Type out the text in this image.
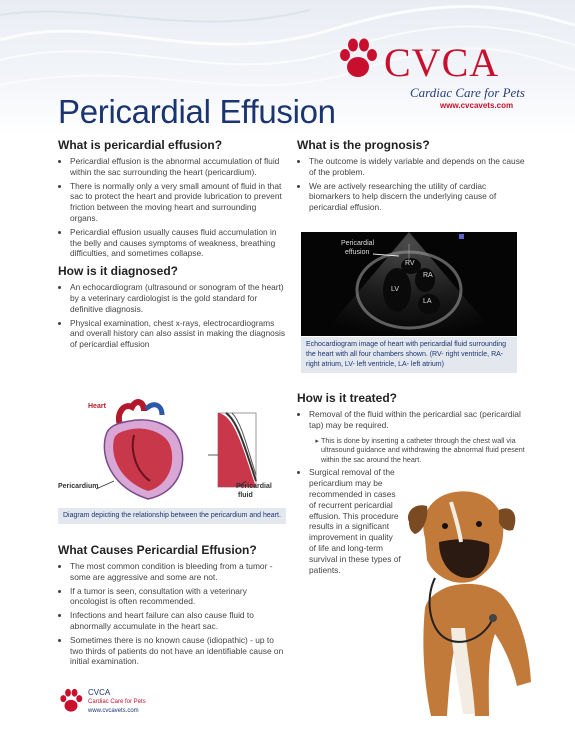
CVCA
Cardiac Care for Pets
www.cvcavets.com
Pericardial Effusion
What is pericardial effusion?
• Pericardial effusion is the abnormal accumulation of fluid within the sac surrounding the heart (pericardium).
• There is normally only a very small amount of fluid in that sac to protect the heart and provide lubrication to prevent friction between the moving heart and surrounding organs.
• Pericardial effusion usually causes fluid accumulation in the belly and causes symptoms of weakness, breathing difficulties, and sometimes collapse.
How is it diagnosed?
• An echocardiogram (ultrasound or sonogram of the heart) by a veterinary cardiologist is the gold standard for definitive diagnosis.
• Physical examination, chest x-rays, electrocardiograms and overall history can also assist in making the diagnosis of pericardial effusion
Heart
Pericardium	Pericardial
fluid
Diagram depicting the relationship between the pericardium and heart.
What Causes Pericardial Effusion?
• The most common condition is bleeding from a tumor - some are aggressive and some are not.
• If a tumor is seen, consultation with a veterinary oncologist is often recommended.
• Infections and heart failure can also cause fluid to abnormally accumulate in the heart sac.
• Sometimes there is no known cause (idiopathic) - up to two thirds of patients do not have an identifiable cause on initial examination.
What is the prognosis?
• The outcome is widely variable and depends on the cause of the problem.
• We are actively researching the utility of cardiac biomarkers to help discern the underlying cause of pericardial effusion.
Pericardial
effusion
RV
RA
LV
LA
Echocardiogram image of heart with pericardial fluid surrounding the heart with all four chambers shown. (RV- right ventricle, RA- right atrium, LV- left ventricle, LA- left atrium)
How is it treated?
• Removal of the fluid within the pericardial sac (pericardial tap) may be required.
▸ This is done by inserting a catheter through the chest wall via ultrasound guidance and withdrawing the abnormal fluid present within the sac around the heart.
• Surgical removal of the pericardium may be recommended in cases of recurrent pericardial effusion. This procedure results in a significant improvement in quality of life and long-term survival in these types of patients.
CVCA
Cardiac Care for Pets
www.cvcavets.com
